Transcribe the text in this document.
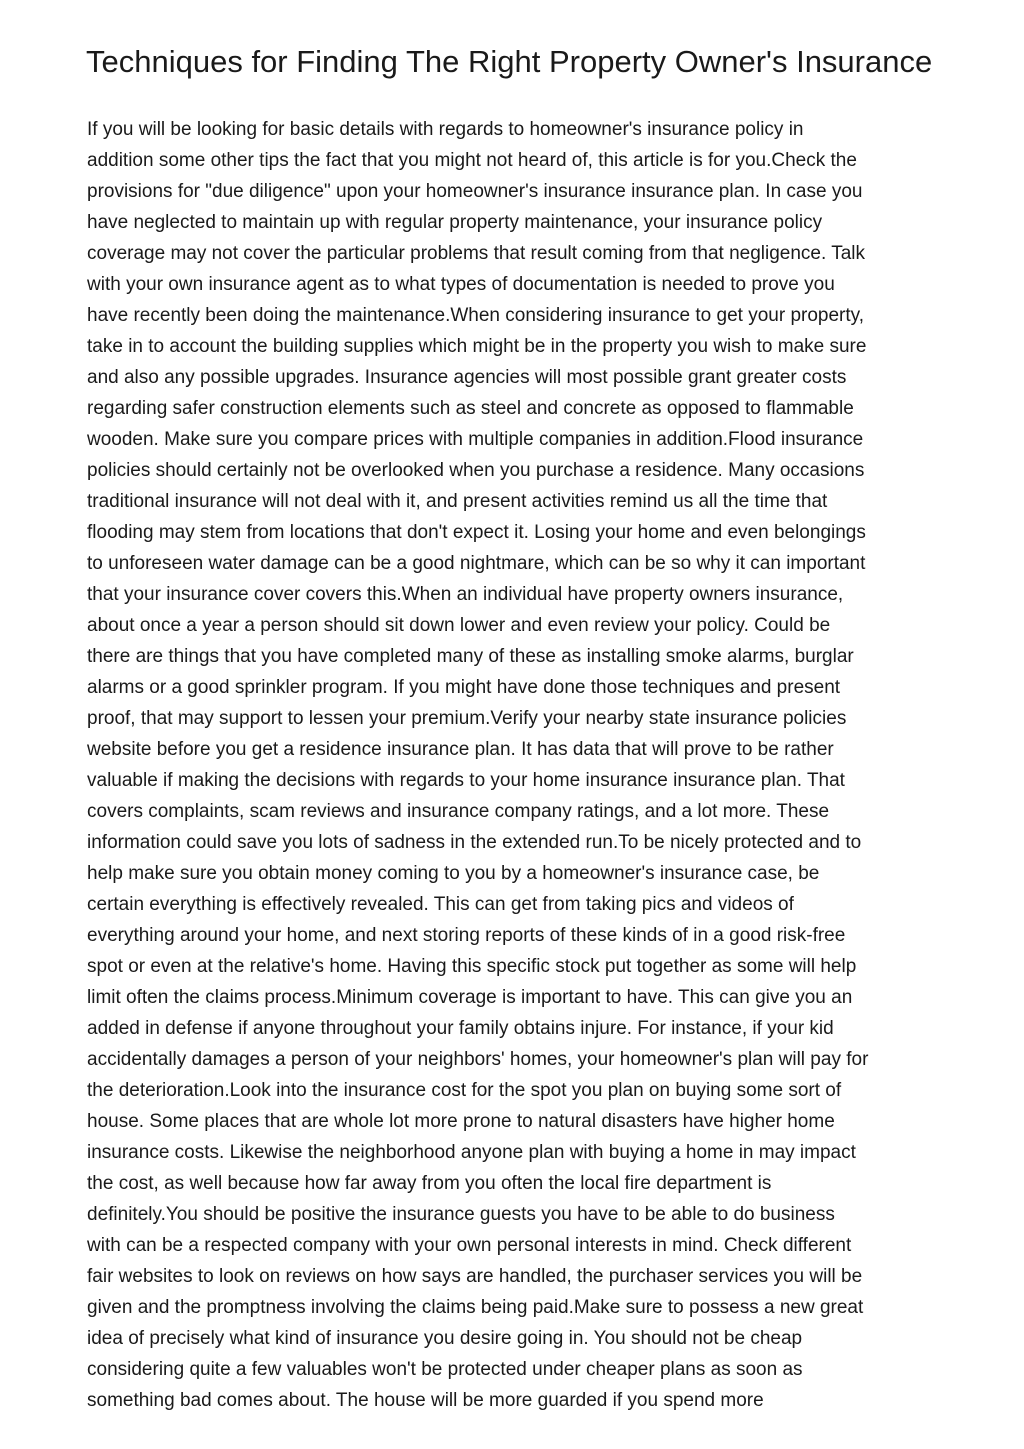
Techniques for Finding The Right Property Owner's Insurance
If you will be looking for basic details with regards to homeowner's insurance policy in
addition some other tips the fact that you might not heard of, this article is for you.Check the
provisions for "due diligence" upon your homeowner's insurance insurance plan. In case you
have neglected to maintain up with regular property maintenance, your insurance policy
coverage may not cover the particular problems that result coming from that negligence. Talk
with your own insurance agent as to what types of documentation is needed to prove you
have recently been doing the maintenance.When considering insurance to get your property,
take in to account the building supplies which might be in the property you wish to make sure
and also any possible upgrades. Insurance agencies will most possible grant greater costs
regarding safer construction elements such as steel and concrete as opposed to flammable
wooden. Make sure you compare prices with multiple companies in addition.Flood insurance
policies should certainly not be overlooked when you purchase a residence. Many occasions
traditional insurance will not deal with it, and present activities remind us all the time that
flooding may stem from locations that don't expect it. Losing your home and even belongings
to unforeseen water damage can be a good nightmare, which can be so why it can important
that your insurance cover covers this.When an individual have property owners insurance,
about once a year a person should sit down lower and even review your policy. Could be
there are things that you have completed many of these as installing smoke alarms, burglar
alarms or a good sprinkler program. If you might have done those techniques and present
proof, that may support to lessen your premium.Verify your nearby state insurance policies
website before you get a residence insurance plan. It has data that will prove to be rather
valuable if making the decisions with regards to your home insurance insurance plan. That
covers complaints, scam reviews and insurance company ratings, and a lot more. These
information could save you lots of sadness in the extended run.To be nicely protected and to
help make sure you obtain money coming to you by a homeowner's insurance case, be
certain everything is effectively revealed. This can get from taking pics and videos of
everything around your home, and next storing reports of these kinds of in a good risk-free
spot or even at the relative's home. Having this specific stock put together as some will help
limit often the claims process.Minimum coverage is important to have. This can give you an
added in defense if anyone throughout your family obtains injure. For instance, if your kid
accidentally damages a person of your neighbors' homes, your homeowner's plan will pay for
the deterioration.Look into the insurance cost for the spot you plan on buying some sort of
house. Some places that are whole lot more prone to natural disasters have higher home
insurance costs. Likewise the neighborhood anyone plan with buying a home in may impact
the cost, as well because how far away from you often the local fire department is
definitely.You should be positive the insurance guests you have to be able to do business
with can be a respected company with your own personal interests in mind. Check different
fair websites to look on reviews on how says are handled, the purchaser services you will be
given and the promptness involving the claims being paid.Make sure to possess a new great
idea of precisely what kind of insurance you desire going in. You should not be cheap
considering quite a few valuables won't be protected under cheaper plans as soon as
something bad comes about. The house will be more guarded if you spend more
